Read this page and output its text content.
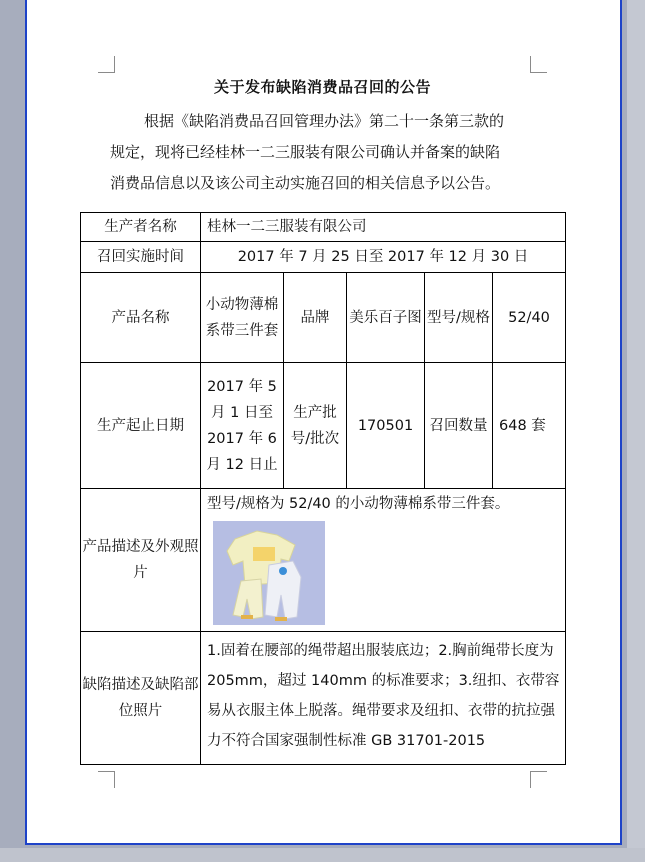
关于发布缺陷消费品召回的公告
根据《缺陷消费品召回管理办法》第二十一条第三款的
规定，现将已经桂林一二三服装有限公司确认并备案的缺陷
消费品信息以及该公司主动实施召回的相关信息予以公告。
生产者名称	桂林一二三服装有限公司				
召回实施时间	2017 年 7 月 25 日至 2017 年 12 月 30 日				
产品名称	小动物薄棉系带三件套	品牌	美乐百子图	型号/规格	52/40
生产起止日期	2017 年 5 月 1 日至 2017 年 6 月 12 日止	生产批号/批次	170501	召回数量	648 套
产品描述及外观照片	型号/规格为 52/40 的小动物薄棉系带三件套。				

缺陷描述及缺陷部位照片	1.固着在腰部的绳带超出服装底边；2.胸前绳带长度为 205mm，超过 140mm 的标准要求；3.纽扣、衣带容易从衣服主体上脱落。绳带要求及纽扣、衣带的抗拉强力不符合国家强制性标准 GB 31701-2015				
